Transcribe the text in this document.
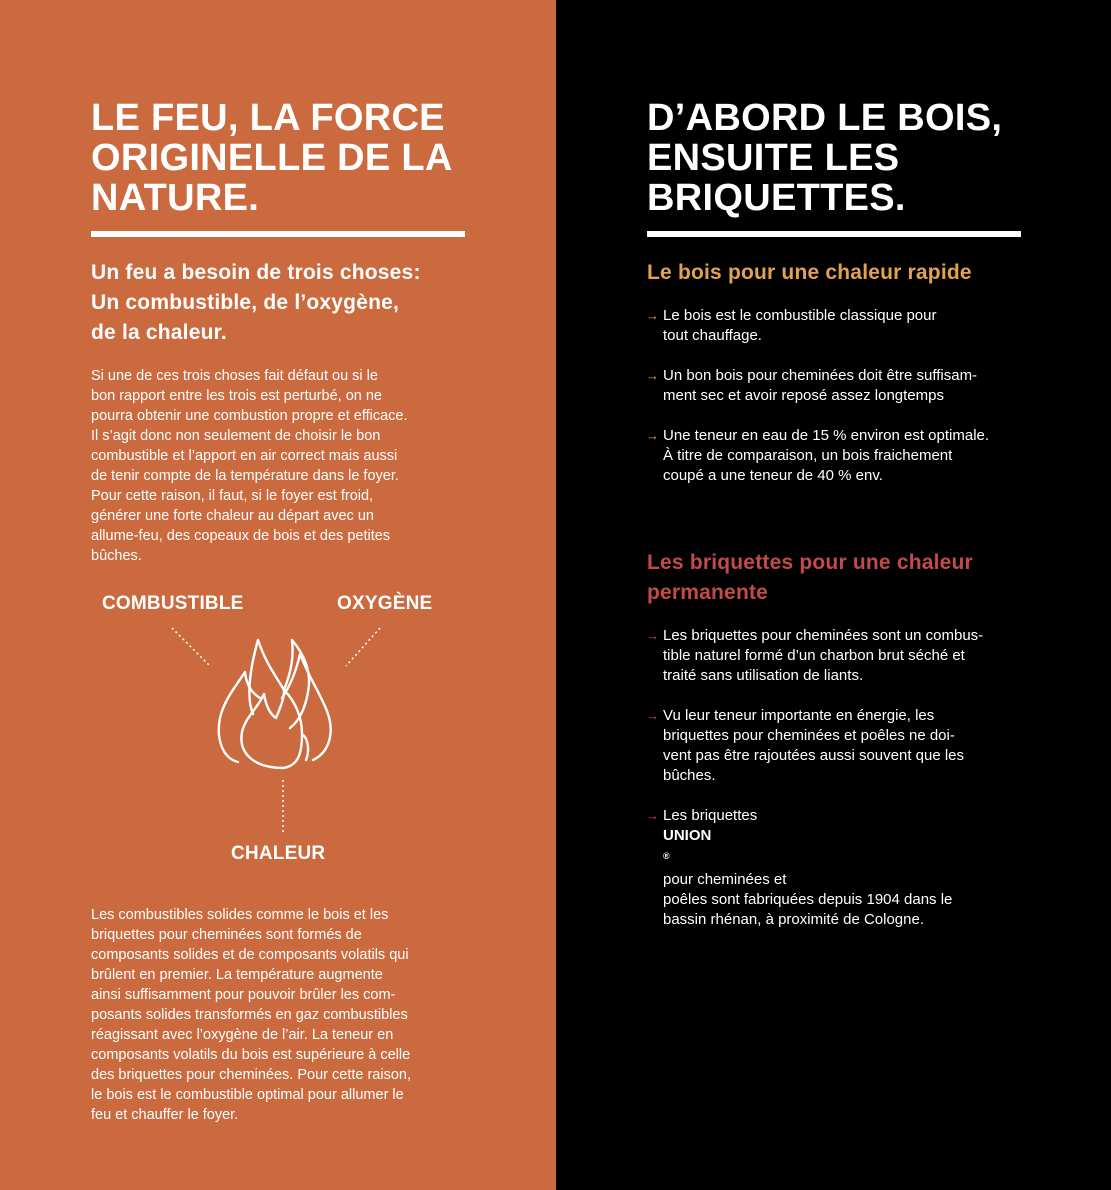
LE FEU, LA FORCE
ORIGINELLE DE LA
NATURE.
Un feu a besoin de trois choses:
Un combustible, de l’oxygène,
de la chaleur.
Si une de ces trois choses fait défaut ou si le
bon rapport entre les trois est perturbé, on ne
pourra obtenir une combustion propre et efficace.
Il s’agit donc non seulement de choisir le bon
combustible et l’apport en air correct mais aussi
de tenir compte de la température dans le foyer.
Pour cette raison, il faut, si le foyer est froid,
générer une forte chaleur au départ avec un
allume-feu, des copeaux de bois et des petites
bûches.
COMBUSTIBLE	OXYGÈNE
CHALEUR
Les combustibles solides comme le bois et les
briquettes pour cheminées sont formés de
composants solides et de composants volatils qui
brûlent en premier. La température augmente
ainsi suffisamment pour pouvoir brûler les com-
posants solides transformés en gaz combustibles
réagissant avec l’oxygène de l’air. La teneur en
composants volatils du bois est supérieure à celle
des briquettes pour cheminées. Pour cette raison,
le bois est le combustible optimal pour allumer le
feu et chauffer le foyer.
D’ABORD LE BOIS,
ENSUITE LES
BRIQUETTES.
Le bois pour une chaleur rapide
→ Le bois est le combustible classique pour
tout chauffage.
→ Un bon bois pour cheminées doit être suffisam-
ment sec et avoir reposé assez longtemps
→ Une teneur en eau de 15 % environ est optimale.
À titre de comparaison, un bois fraichement
coupé a une teneur de 40 % env.
Les briquettes pour une chaleur
permanente
→ Les briquettes pour cheminées sont un combus-
tible naturel formé d’un charbon brut séché et
traité sans utilisation de liants.
→ Vu leur teneur importante en énergie, les
briquettes pour cheminées et poêles ne doi-
vent pas être rajoutées aussi souvent que les
bûches.
→ Les briquettes
UNION
®
pour cheminées et
poêles sont fabriquées depuis 1904 dans le
bassin rhénan, à proximité de Cologne.
